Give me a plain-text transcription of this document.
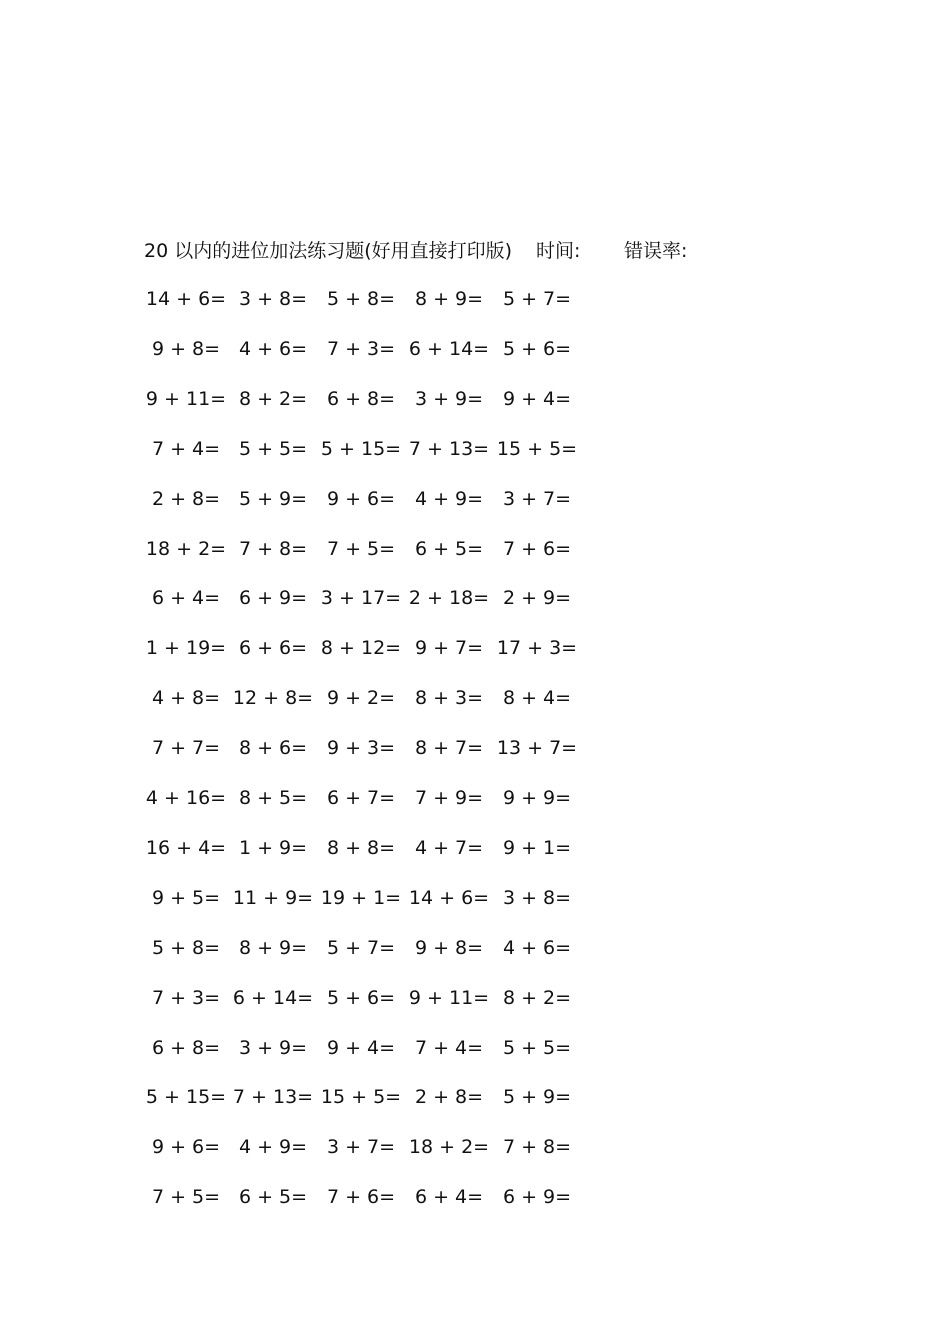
20 以内的进位加法练习题(好用直接打印版) 时间: 错误率:
14 + 6= 3 + 8= 5 + 8= 8 + 9= 5 + 7=
9 + 8= 4 + 6= 7 + 3= 6 + 14= 5 + 6=
9 + 11= 8 + 2= 6 + 8= 3 + 9= 9 + 4=
7 + 4= 5 + 5= 5 + 15= 7 + 13= 15 + 5=
2 + 8= 5 + 9= 9 + 6= 4 + 9= 3 + 7=
18 + 2= 7 + 8= 7 + 5= 6 + 5= 7 + 6=
6 + 4= 6 + 9= 3 + 17= 2 + 18= 2 + 9=
1 + 19= 6 + 6= 8 + 12= 9 + 7= 17 + 3=
4 + 8= 12 + 8= 9 + 2= 8 + 3= 8 + 4=
7 + 7= 8 + 6= 9 + 3= 8 + 7= 13 + 7=
4 + 16= 8 + 5= 6 + 7= 7 + 9= 9 + 9=
16 + 4= 1 + 9= 8 + 8= 4 + 7= 9 + 1=
9 + 5= 11 + 9= 19 + 1= 14 + 6= 3 + 8=
5 + 8= 8 + 9= 5 + 7= 9 + 8= 4 + 6=
7 + 3= 6 + 14= 5 + 6= 9 + 11= 8 + 2=
6 + 8= 3 + 9= 9 + 4= 7 + 4= 5 + 5=
5 + 15= 7 + 13= 15 + 5= 2 + 8= 5 + 9=
9 + 6= 4 + 9= 3 + 7= 18 + 2= 7 + 8=
7 + 5= 6 + 5= 7 + 6= 6 + 4= 6 + 9=
